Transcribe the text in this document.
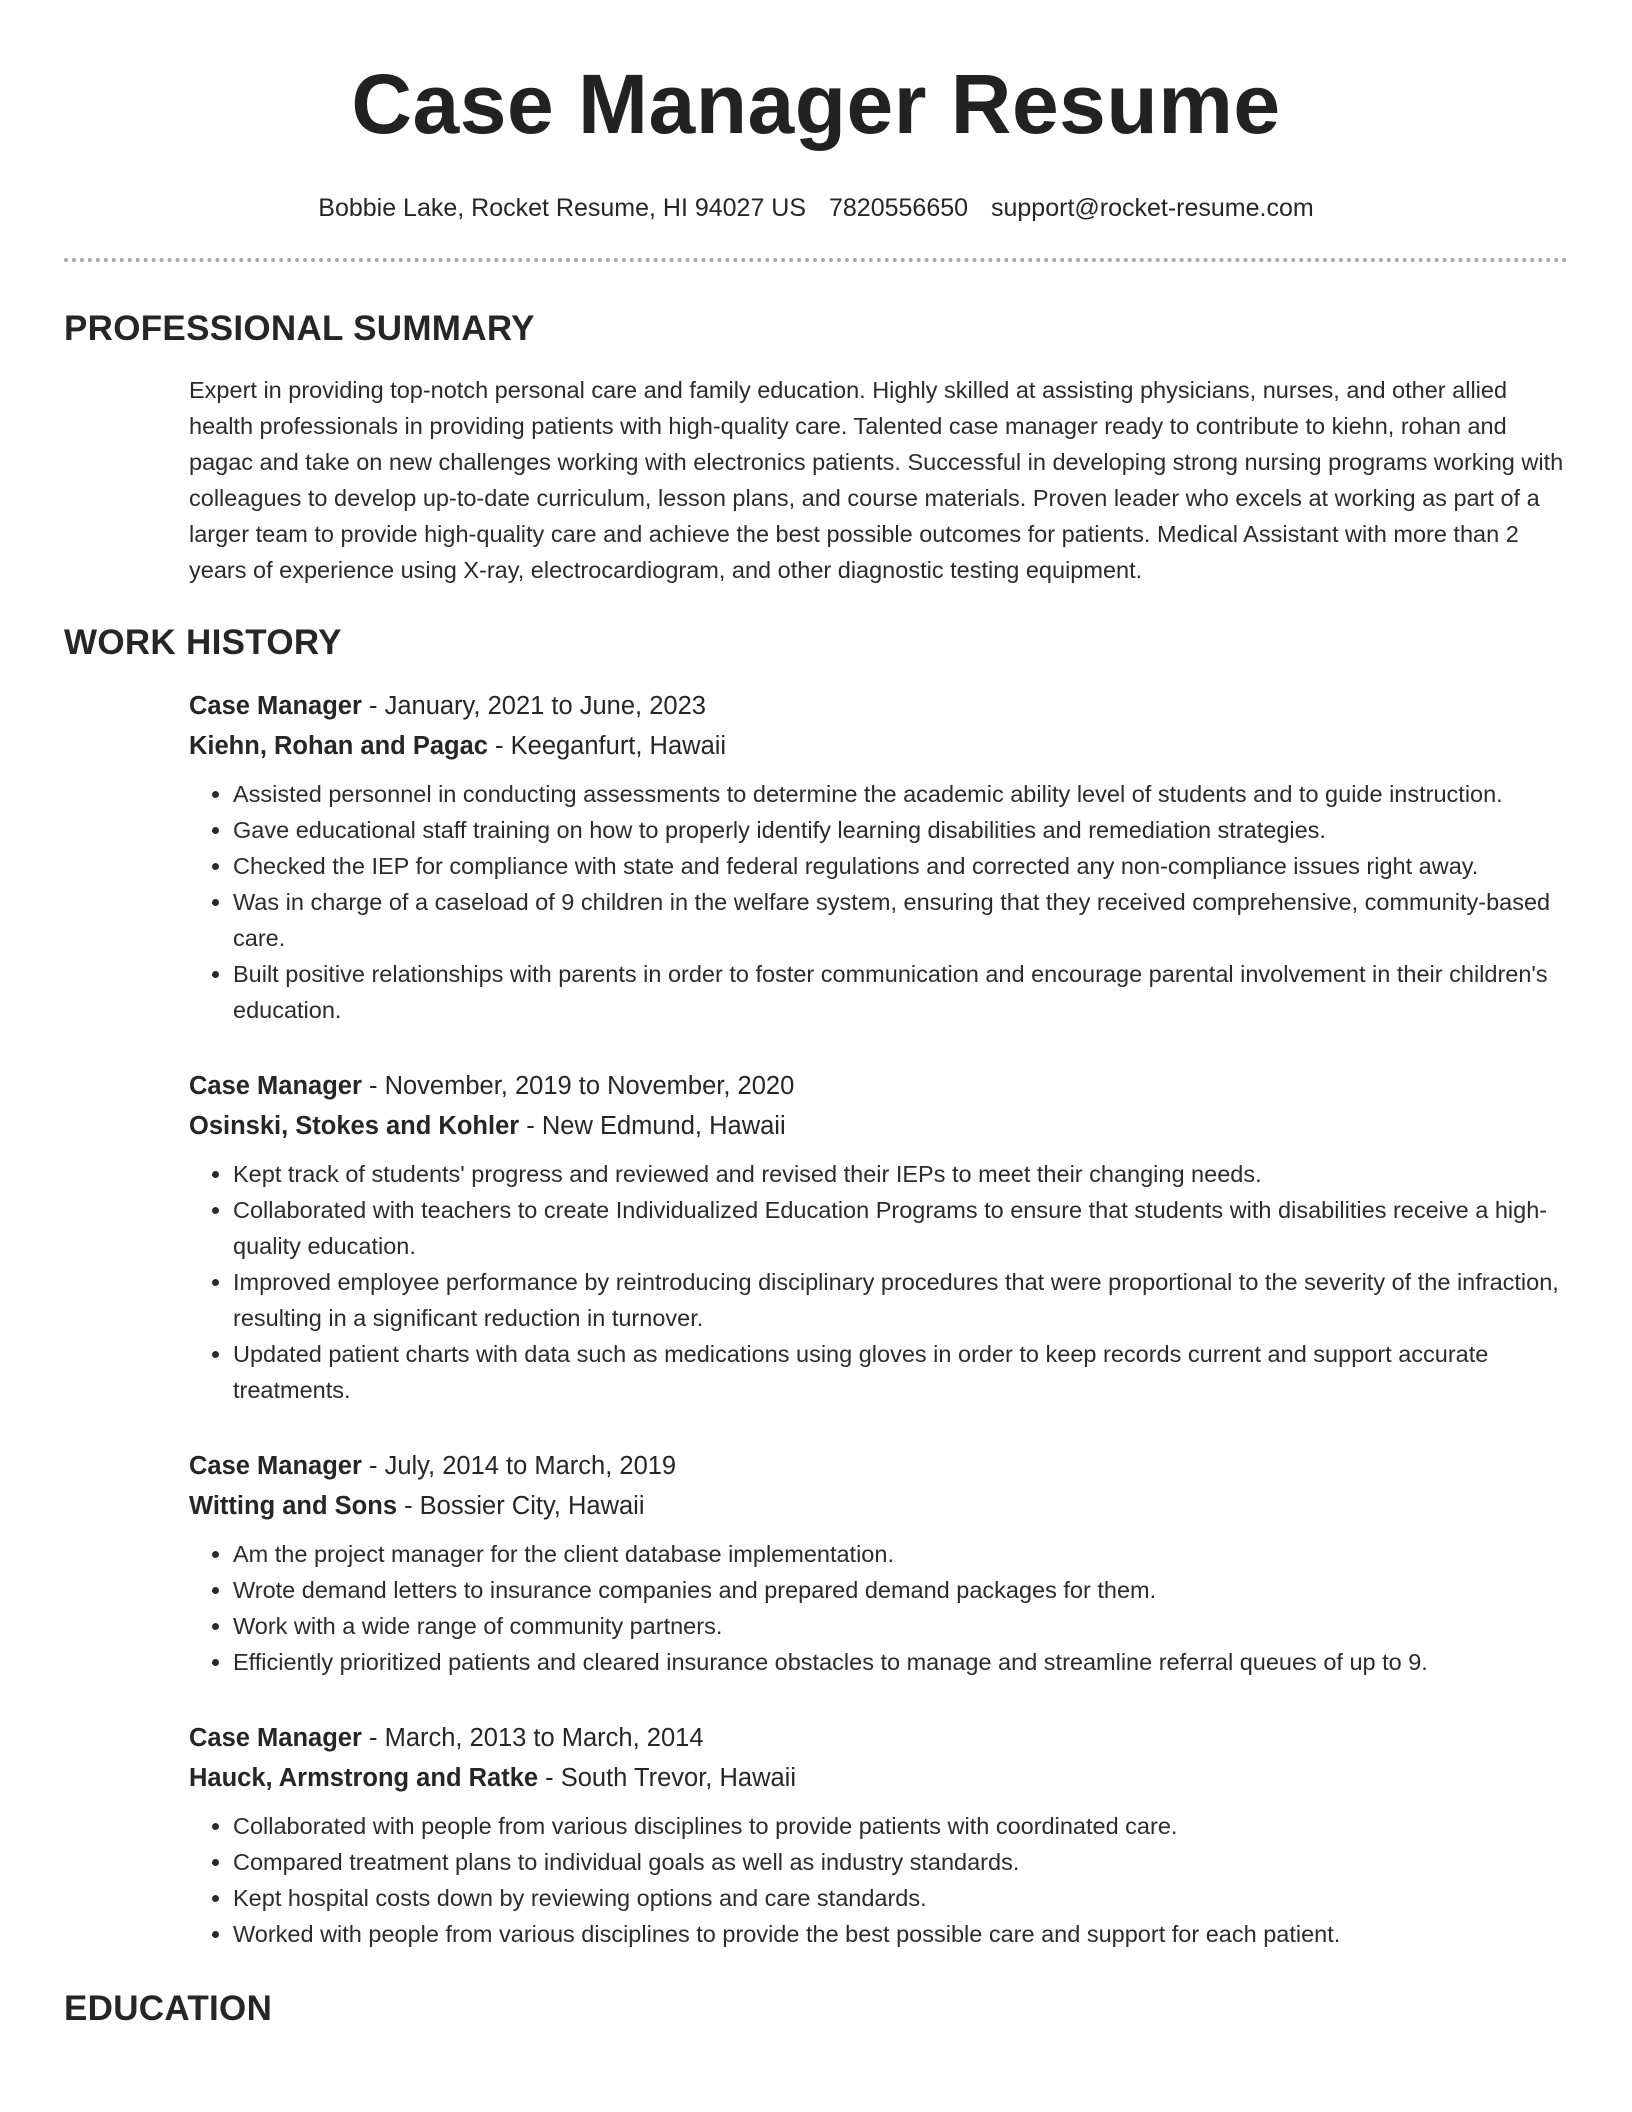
Case Manager Resume
Bobbie Lake, Rocket Resume, HI 94027 US 7820556650 support@rocket-resume.com
PROFESSIONAL SUMMARY

Expert in providing top-notch personal care and family education. Highly skilled at assisting physicians, nurses, and other allied health professionals in providing patients with high-quality care. Talented case manager ready to contribute to kiehn, rohan and pagac and take on new challenges working with electronics patients. Successful in developing strong nursing programs working with colleagues to develop up-to-date curriculum, lesson plans, and course materials. Proven leader who excels at working as part of a larger team to provide high-quality care and achieve the best possible outcomes for patients. Medical Assistant with more than 2 years of experience using X-ray, electrocardiogram, and other diagnostic testing equipment.

WORK HISTORY
Case Manager - January, 2021 to June, 2023
Kiehn, Rohan and Pagac - Keeganfurt, Hawaii
• Assisted personnel in conducting assessments to determine the academic ability level of students and to guide instruction.
• Gave educational staff training on how to properly identify learning disabilities and remediation strategies.
• Checked the IEP for compliance with state and federal regulations and corrected any non-compliance issues right away.
• Was in charge of a caseload of 9 children in the welfare system, ensuring that they received comprehensive, community-based care.
• Built positive relationships with parents in order to foster communication and encourage parental involvement in their children's education.
Case Manager - November, 2019 to November, 2020
Osinski, Stokes and Kohler - New Edmund, Hawaii
• Kept track of students' progress and reviewed and revised their IEPs to meet their changing needs.
• Collaborated with teachers to create Individualized Education Programs to ensure that students with disabilities receive a high-quality education.
• Improved employee performance by reintroducing disciplinary procedures that were proportional to the severity of the infraction, resulting in a significant reduction in turnover.
• Updated patient charts with data such as medications using gloves in order to keep records current and support accurate treatments.
Case Manager - July, 2014 to March, 2019
Witting and Sons - Bossier City, Hawaii
• Am the project manager for the client database implementation.
• Wrote demand letters to insurance companies and prepared demand packages for them.
• Work with a wide range of community partners.
• Efficiently prioritized patients and cleared insurance obstacles to manage and streamline referral queues of up to 9.
Case Manager - March, 2013 to March, 2014
Hauck, Armstrong and Ratke - South Trevor, Hawaii
• Collaborated with people from various disciplines to provide patients with coordinated care.
• Compared treatment plans to individual goals as well as industry standards.
• Kept hospital costs down by reviewing options and care standards.
• Worked with people from various disciplines to provide the best possible care and support for each patient.
EDUCATION
